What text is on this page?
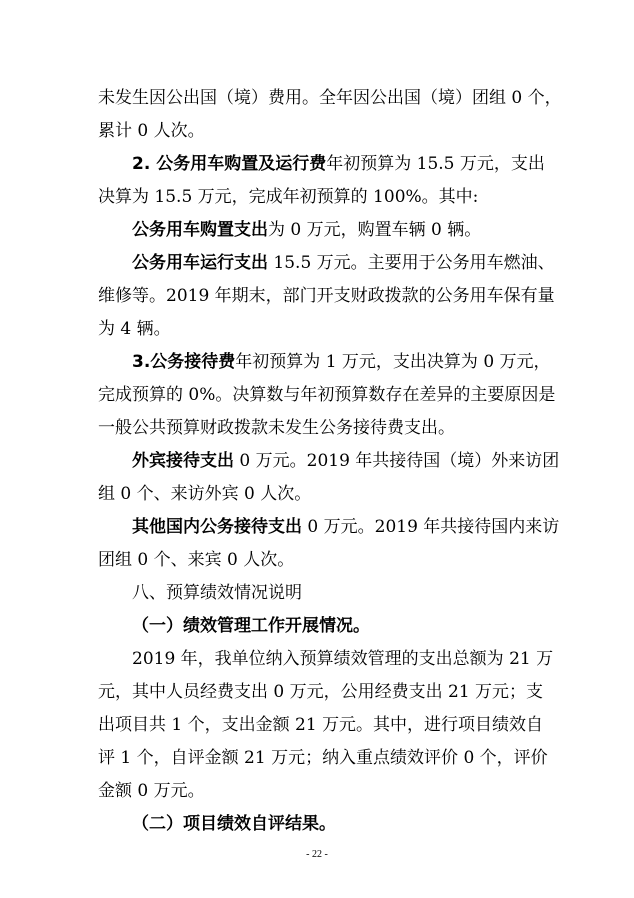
未发生因公出国（境）费用。全年因公出国（境）团组 0 个，
累计 0 人次。
2. 公务用车购置及运行费年初预算为 15.5 万元，支出
决算为 15.5 万元，完成年初预算的 100%。其中:
公务用车购置支出为 0 万元，购置车辆 0 辆。
公务用车运行支出 15.5 万元。主要用于公务用车燃油、
维修等。2019 年期末，部门开支财政拨款的公务用车保有量
为 4 辆。
3.公务接待费年初预算为 1 万元，支出决算为 0 万元，
完成预算的 0%。决算数与年初预算数存在差异的主要原因是
一般公共预算财政拨款未发生公务接待费支出。
外宾接待支出 0 万元。2019 年共接待国（境）外来访团
组 0 个、来访外宾 0 人次。
其他国内公务接待支出 0 万元。2019 年共接待国内来访
团组 0 个、来宾 0 人次。
八、预算绩效情况说明
（一）绩效管理工作开展情况。
2019 年，我单位纳入预算绩效管理的支出总额为 21 万
元，其中人员经费支出 0 万元，公用经费支出 21 万元；支
出项目共 1 个，支出金额 21 万元。其中，进行项目绩效自
评 1 个，自评金额 21 万元；纳入重点绩效评价 0 个，评价
金额 0 万元。
（二）项目绩效自评结果。
- 22 -
